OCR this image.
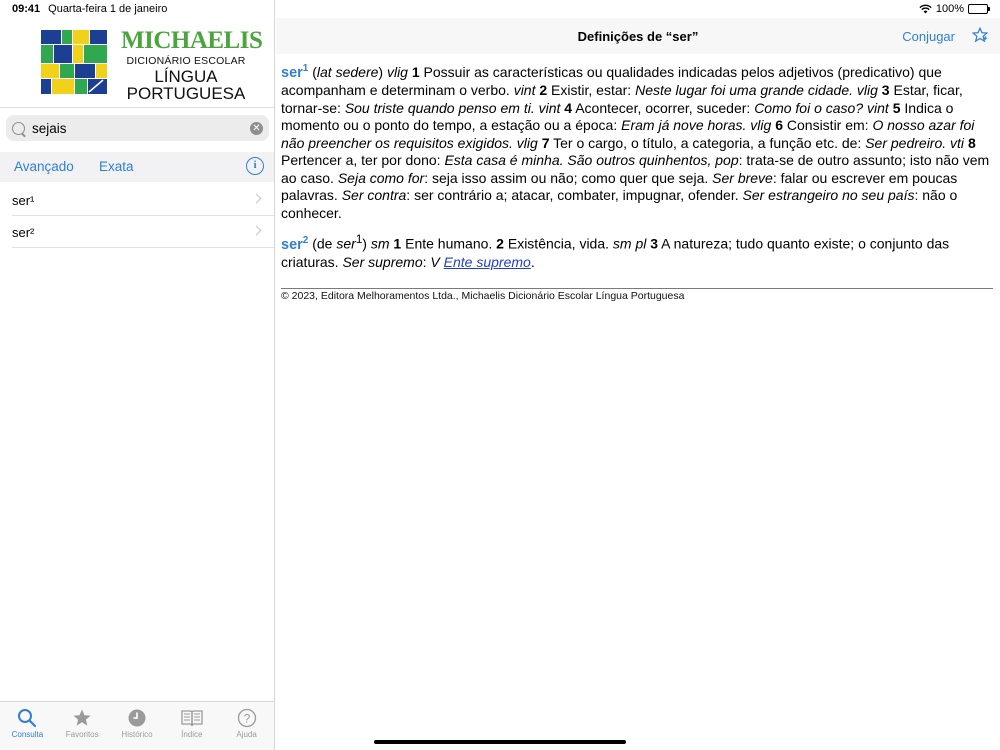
09:41 Quarta-feira 1 de janeiro	100%
MICHAELIS
DICIONÁRIO ESCOLAR
LÍNGUA
PORTUGUESA
sejais
✕
Avançado Exata	i
ser¹
ser²
Consulta	Favoritos	Histórico	Índice
?
Ajuda
Definições de “ser”	Conjugar

ser$^1$ (lat sedere) vlig 1 Possuir as características ou qualidades indicadas pelos adjetivos (predicativo) que acompanham e determinam o verbo. vint 2 Existir, estar: Neste lugar foi uma grande cidade. vlig 3 Estar, ficar, tornar-se: Sou triste quando penso em ti. vint 4 Acontecer, ocorrer, suceder: Como foi o caso? vint 5 Indica o momento ou o ponto do tempo, a estação ou a época: Eram já nove horas. vlig 6 Consistir em: O nosso azar foi não preencher os requisitos exigidos. vlig 7 Ter o cargo, o título, a categoria, a função etc. de: Ser pedreiro. vti 8 Pertencer a, ter por dono: Esta casa é minha. São outros quinhentos, pop: trata-se de outro assunto; isto não vem ao caso. Seja como for: seja isso assim ou não; como quer que seja. Ser breve: falar ou escrever em poucas palavras. Ser contra: ser contrário a; atacar, combater, impugnar, ofender. Ser estrangeiro no seu país: não o conhecer.

ser$^2$ (de ser$^1$) sm 1 Ente humano. 2 Existência, vida. sm pl 3 A natureza; tudo quanto existe; o conjunto das criaturas. Ser supremo: V Ente supremo.

© 2023, Editora Melhoramentos Ltda., Michaelis Dicionário Escolar Língua Portuguesa
